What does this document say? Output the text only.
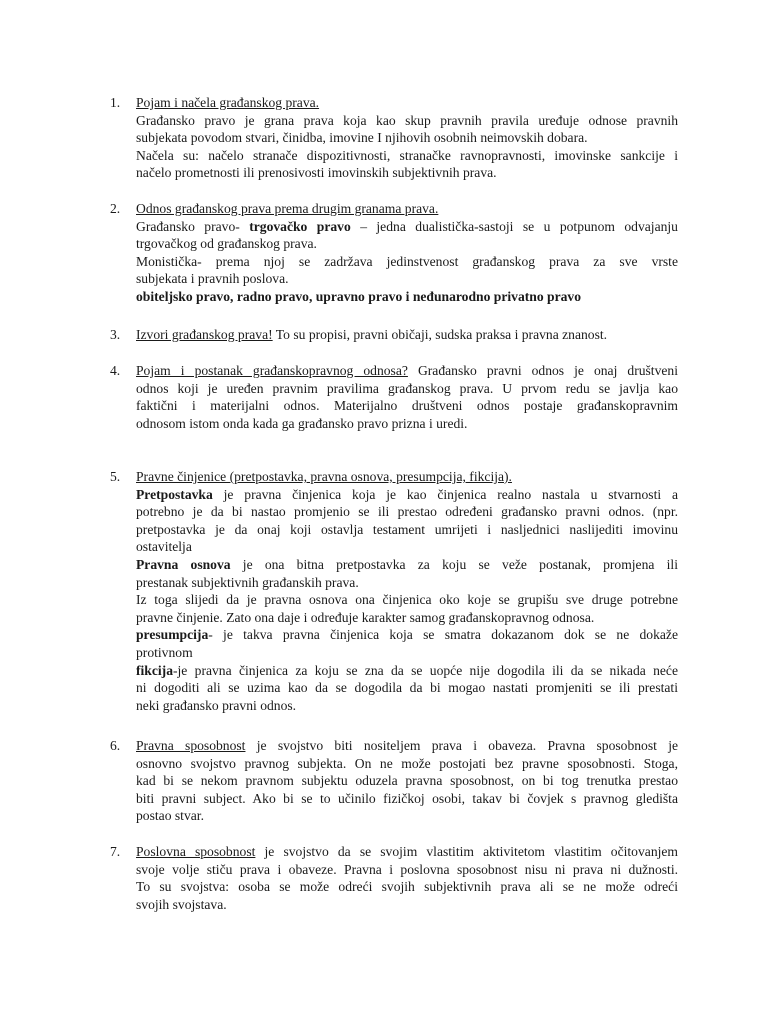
1.	Pojam i načela građanskog prava.
Građansko pravo je grana prava koja kao skup pravnih pravila uređuje odnose pravnih
subjekata povodom stvari, činidba, imovine I njihovih osobnih neimovskih dobara.
Načela su: načelo stranače dispozitivnosti, stranačke ravnopravnosti, imovinske sankcije i
načelo prometnosti ili prenosivosti imovinskih subjektivnih prava.
2.	Odnos građanskog prava prema drugim granama prava.
Građansko pravo- trgovačko pravo – jedna dualistička-sastoji se u potpunom odvajanju
trgovačkog od građanskog prava.
Monistička- prema njoj se zadržava jedinstvenost građanskog prava za sve vrste
subjekata i pravnih poslova.
obiteljsko pravo, radno pravo, upravno pravo i neđunarodno privatno pravo
3.	Izvori građanskog prava! To su propisi, pravni običaji, sudska praksa i pravna znanost.
4.	Pojam i postanak građanskopravnog odnosa? Građansko pravni odnos je onaj društveni
odnos koji je uređen pravnim pravilima građanskog prava. U prvom redu se javlja kao
faktični i materijalni odnos. Materijalno društveni odnos postaje građanskopravnim
odnosom istom onda kada ga građansko pravo prizna i uredi.
5.	Pravne činjenice (pretpostavka, pravna osnova, presumpcija, fikcija).
Pretpostavka je pravna činjenica koja je kao činjenica realno nastala u stvarnosti a
potrebno je da bi nastao promjenio se ili prestao određeni građansko pravni odnos. (npr.
pretpostavka je da onaj koji ostavlja testament umrijeti i nasljednici naslijediti imovinu
ostavitelja
Pravna osnova je ona bitna pretpostavka za koju se veže postanak, promjena ili
prestanak subjektivnih građanskih prava.
Iz toga slijedi da je pravna osnova ona činjenica oko koje se grupišu sve druge potrebne
pravne činjenie. Zato ona daje i određuje karakter samog građanskopravnog odnosa.
presumpcija- je takva pravna činjenica koja se smatra dokazanom dok se ne dokaže
protivnom
fikcija-je pravna činjenica za koju se zna da se uopće nije dogodila ili da se nikada neće
ni dogoditi ali se uzima kao da se dogodila da bi mogao nastati promjeniti se ili prestati
neki građansko pravni odnos.
6.	Pravna sposobnost je svojstvo biti nositeljem prava i obaveza. Pravna sposobnost je
osnovno svojstvo pravnog subjekta. On ne može postojati bez pravne sposobnosti. Stoga,
kad bi se nekom pravnom subjektu oduzela pravna sposobnost, on bi tog trenutka prestao
biti pravni subject. Ako bi se to učinilo fizičkoj osobi, takav bi čovjek s pravnog gledišta
postao stvar.
7.	Poslovna sposobnost je svojstvo da se svojim vlastitim aktivitetom vlastitim očitovanjem
svoje volje stiču prava i obaveze. Pravna i poslovna sposobnost nisu ni prava ni dužnosti.
To su svojstva: osoba se može odreći svojih subjektivnih prava ali se ne može odreći
svojih svojstava.
